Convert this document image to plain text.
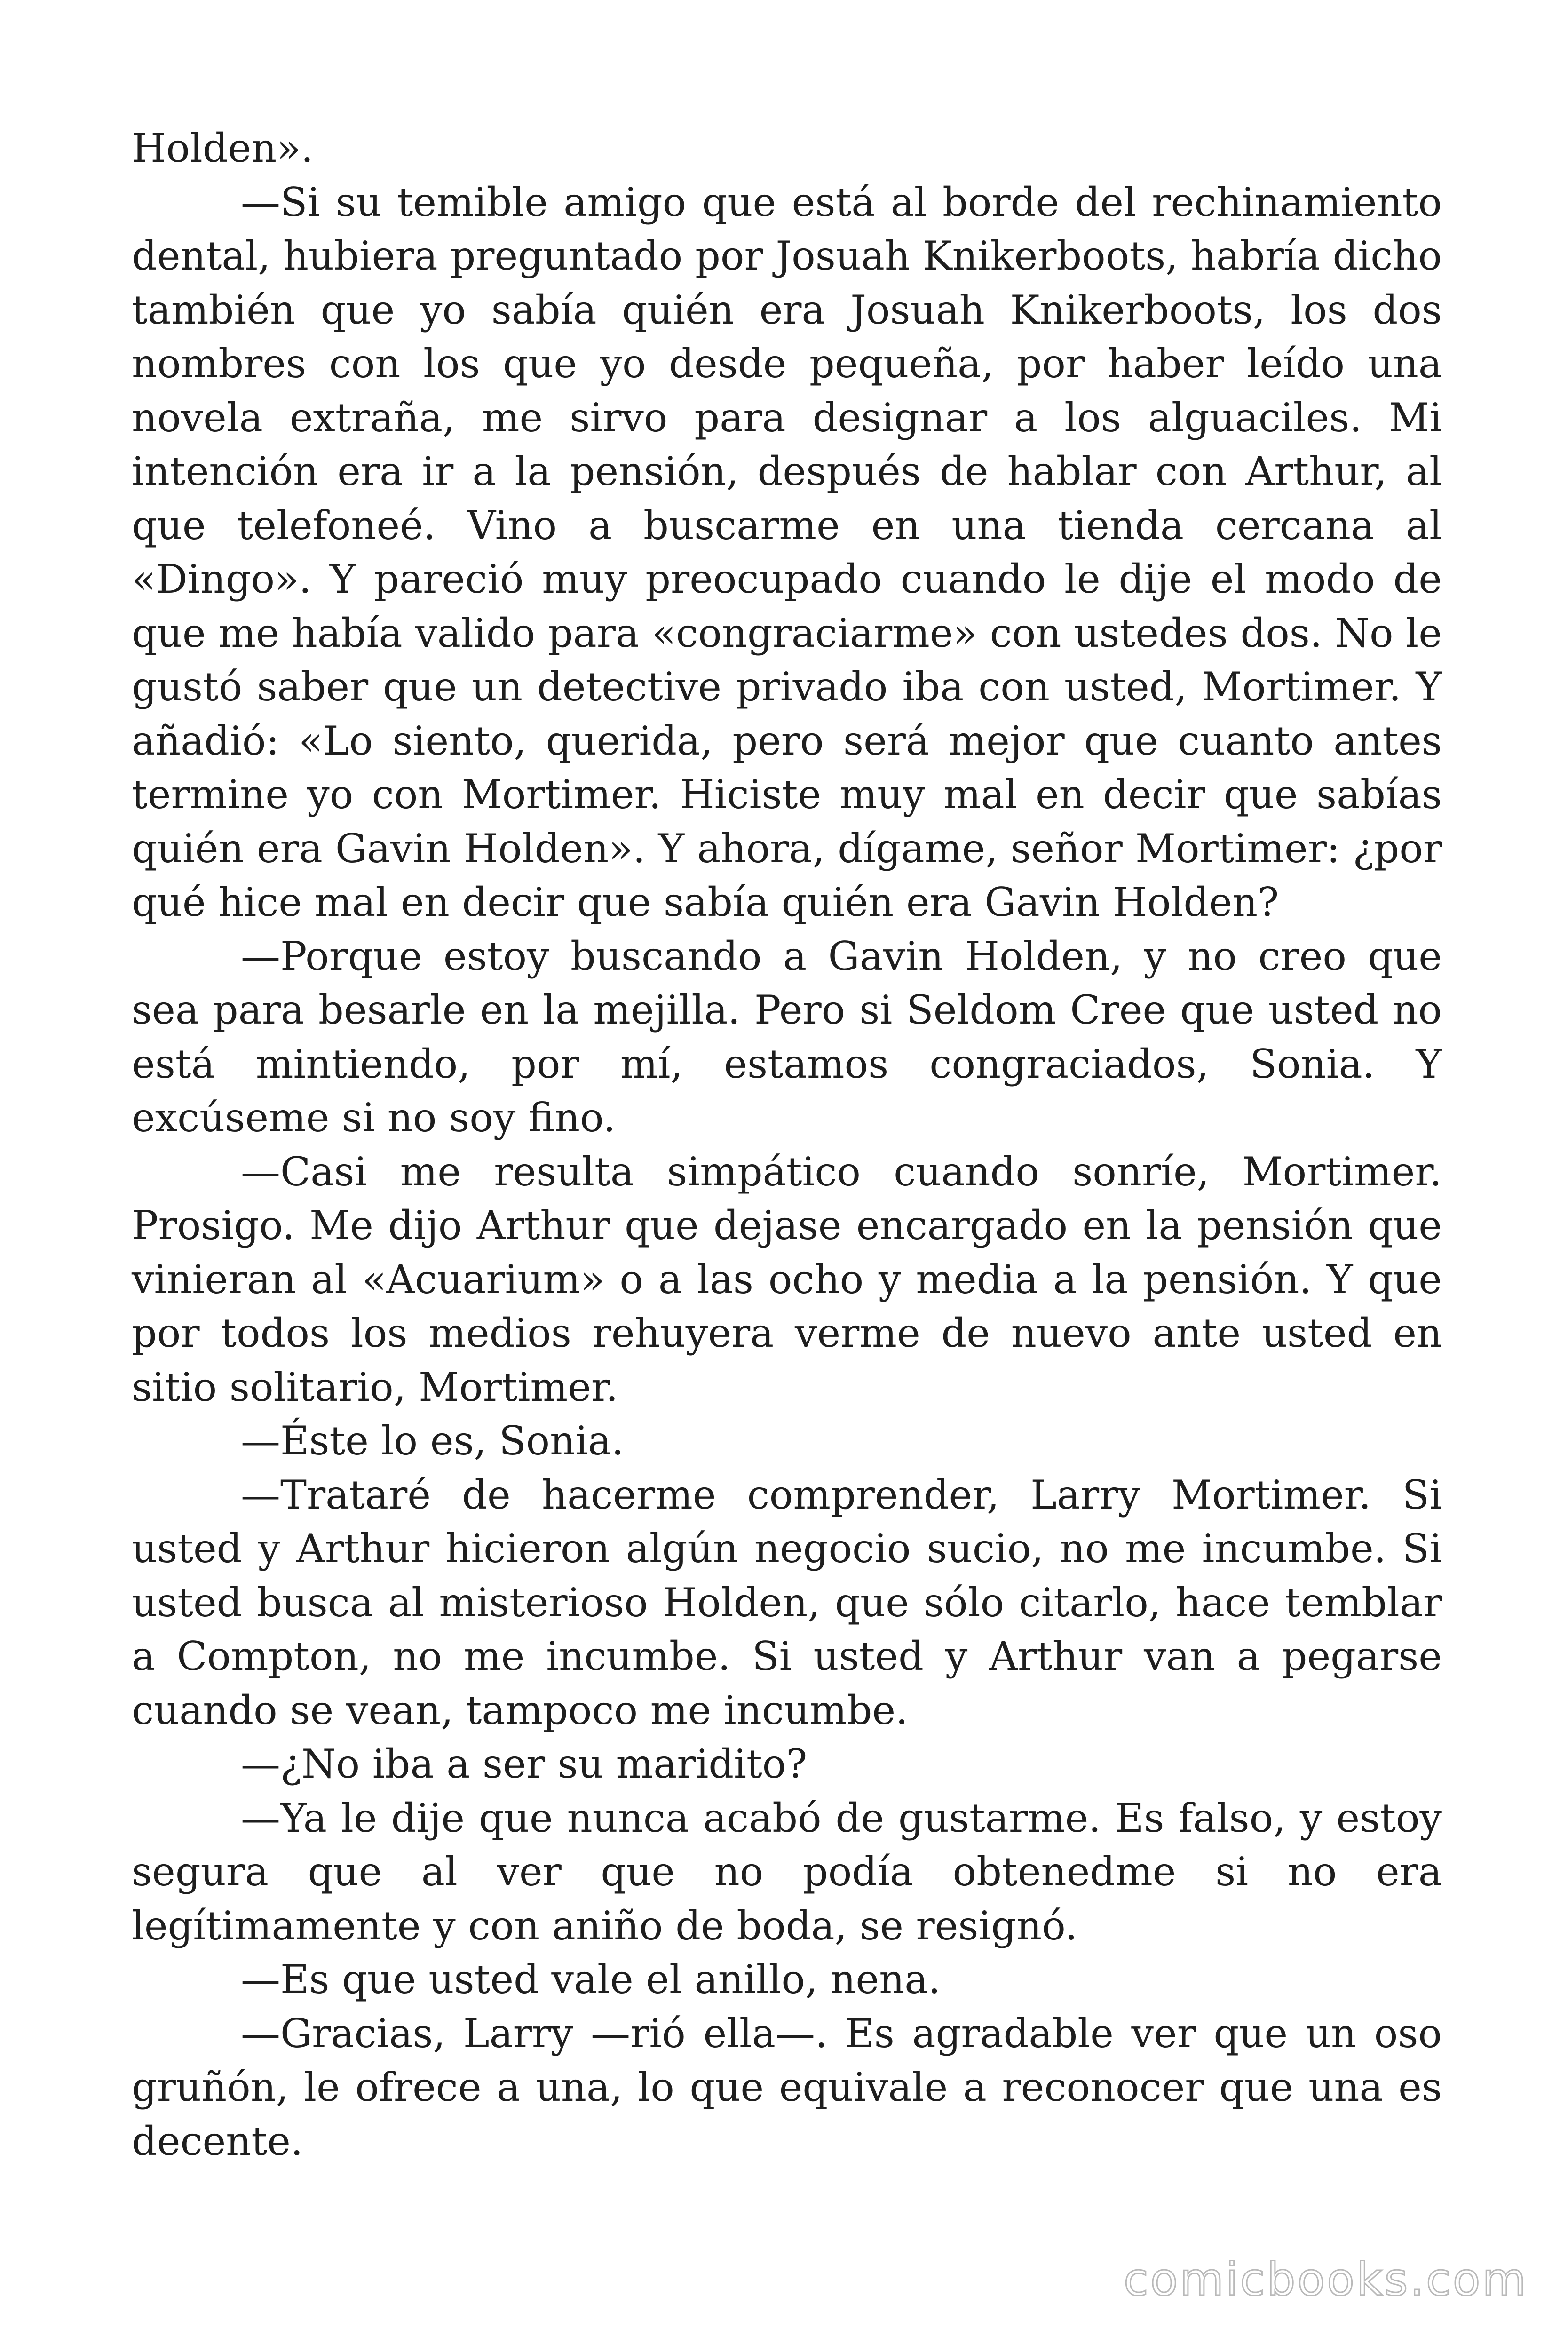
Holden».

—Si su temible amigo que está al borde del rechinamiento dental, hubiera preguntado por Josuah Knikerboots, habría dicho también que yo sabía quién era Josuah Knikerboots, los dos nombres con los que yo desde pequeña, por haber leído una novela extraña, me sirvo para designar a los alguaciles. Mi intención era ir a la pensión, después de hablar con Arthur, al que telefoneé. Vino a buscarme en una tienda cercana al «Dingo». Y pareció muy preocupado cuando le dije el modo de que me había valido para «congraciarme» con ustedes dos. No le gustó saber que un detective privado iba con usted, Mortimer. Y añadió: «Lo siento, querida, pero será mejor que cuanto antes termine yo con Mortimer. Hiciste muy mal en decir que sabías quién era Gavin Holden». Y ahora, dígame, señor Mortimer: ¿por qué hice mal en decir que sabía quién era Gavin Holden?

—Porque estoy buscando a Gavin Holden, y no creo que sea para besarle en la mejilla. Pero si Seldom Cree que usted no está mintiendo, por mí, estamos congraciados, Sonia. Y excúseme si no soy fino.

—Casi me resulta simpático cuando sonríe, Mortimer. Prosigo. Me dijo Arthur que dejase encargado en la pensión que vinieran al «Acuarium» o a las ocho y media a la pensión. Y que por todos los medios rehuyera verme de nuevo ante usted en sitio solitario, Mortimer.

—Éste lo es, Sonia.

—Trataré de hacerme comprender, Larry Mortimer. Si usted y Arthur hicieron algún negocio sucio, no me incumbe. Si usted busca al misterioso Holden, que sólo citarlo, hace temblar a Compton, no me incumbe. Si usted y Arthur van a pegarse cuando se vean, tampoco me incumbe.

—¿No iba a ser su maridito?

—Ya le dije que nunca acabó de gustarme. Es falso, y estoy segura que al ver que no podía obtenedme si no era legítimamente y con aniño de boda, se resignó.

—Es que usted vale el anillo, nena.

—Gracias, Larry —rió ella—. Es agradable ver que un oso gruñón, le ofrece a una, lo que equivale a reconocer que una es decente.

comicbooks.com
